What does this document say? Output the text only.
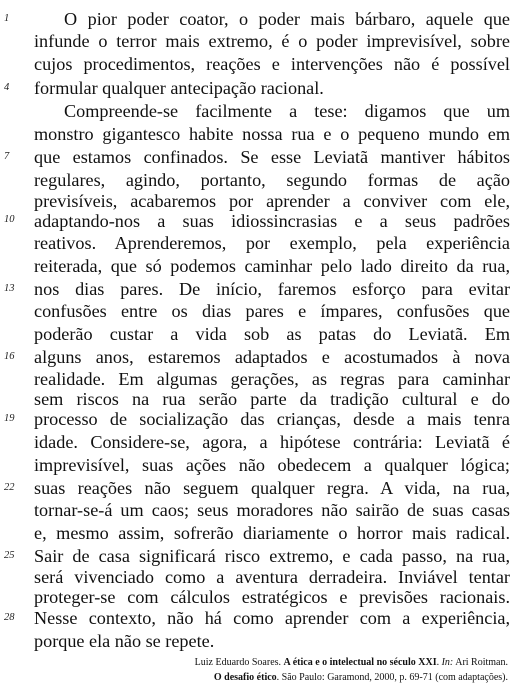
1
4
7
10
13
16
19
22
25
28
O pior poder coator, o poder mais bárbaro, aquele que
infunde o terror mais extremo, é o poder imprevisível, sobre
cujos procedimentos, reações e intervenções não é possível
formular qualquer antecipação racional.
Compreende-se facilmente a tese: digamos que um
monstro gigantesco habite nossa rua e o pequeno mundo em
que estamos confinados. Se esse Leviatã mantiver hábitos
regulares, agindo, portanto, segundo formas de ação
previsíveis, acabaremos por aprender a conviver com ele,
adaptando-nos a suas idiossincrasias e a seus padrões
reativos. Aprenderemos, por exemplo, pela experiência
reiterada, que só podemos caminhar pelo lado direito da rua,
nos dias pares. De início, faremos esforço para evitar
confusões entre os dias pares e ímpares, confusões que
poderão custar a vida sob as patas do Leviatã. Em
alguns anos, estaremos adaptados e acostumados à nova
realidade. Em algumas gerações, as regras para caminhar
sem riscos na rua serão parte da tradição cultural e do
processo de socialização das crianças, desde a mais tenra
idade. Considere-se, agora, a hipótese contrária: Leviatã é
imprevisível, suas ações não obedecem a qualquer lógica;
suas reações não seguem qualquer regra. A vida, na rua,
tornar-se-á um caos; seus moradores não sairão de suas casas
e, mesmo assim, sofrerão diariamente o horror mais radical.
Sair de casa significará risco extremo, e cada passo, na rua,
será vivenciado como a aventura derradeira. Inviável tentar
proteger-se com cálculos estratégicos e previsões racionais.
Nesse contexto, não há como aprender com a experiência,
porque ela não se repete.
Luiz Eduardo Soares. A ética e o intelectual no século XXI. In: Ari Roitman.
O desafio ético. São Paulo: Garamond, 2000, p. 69-71 (com adaptações).
